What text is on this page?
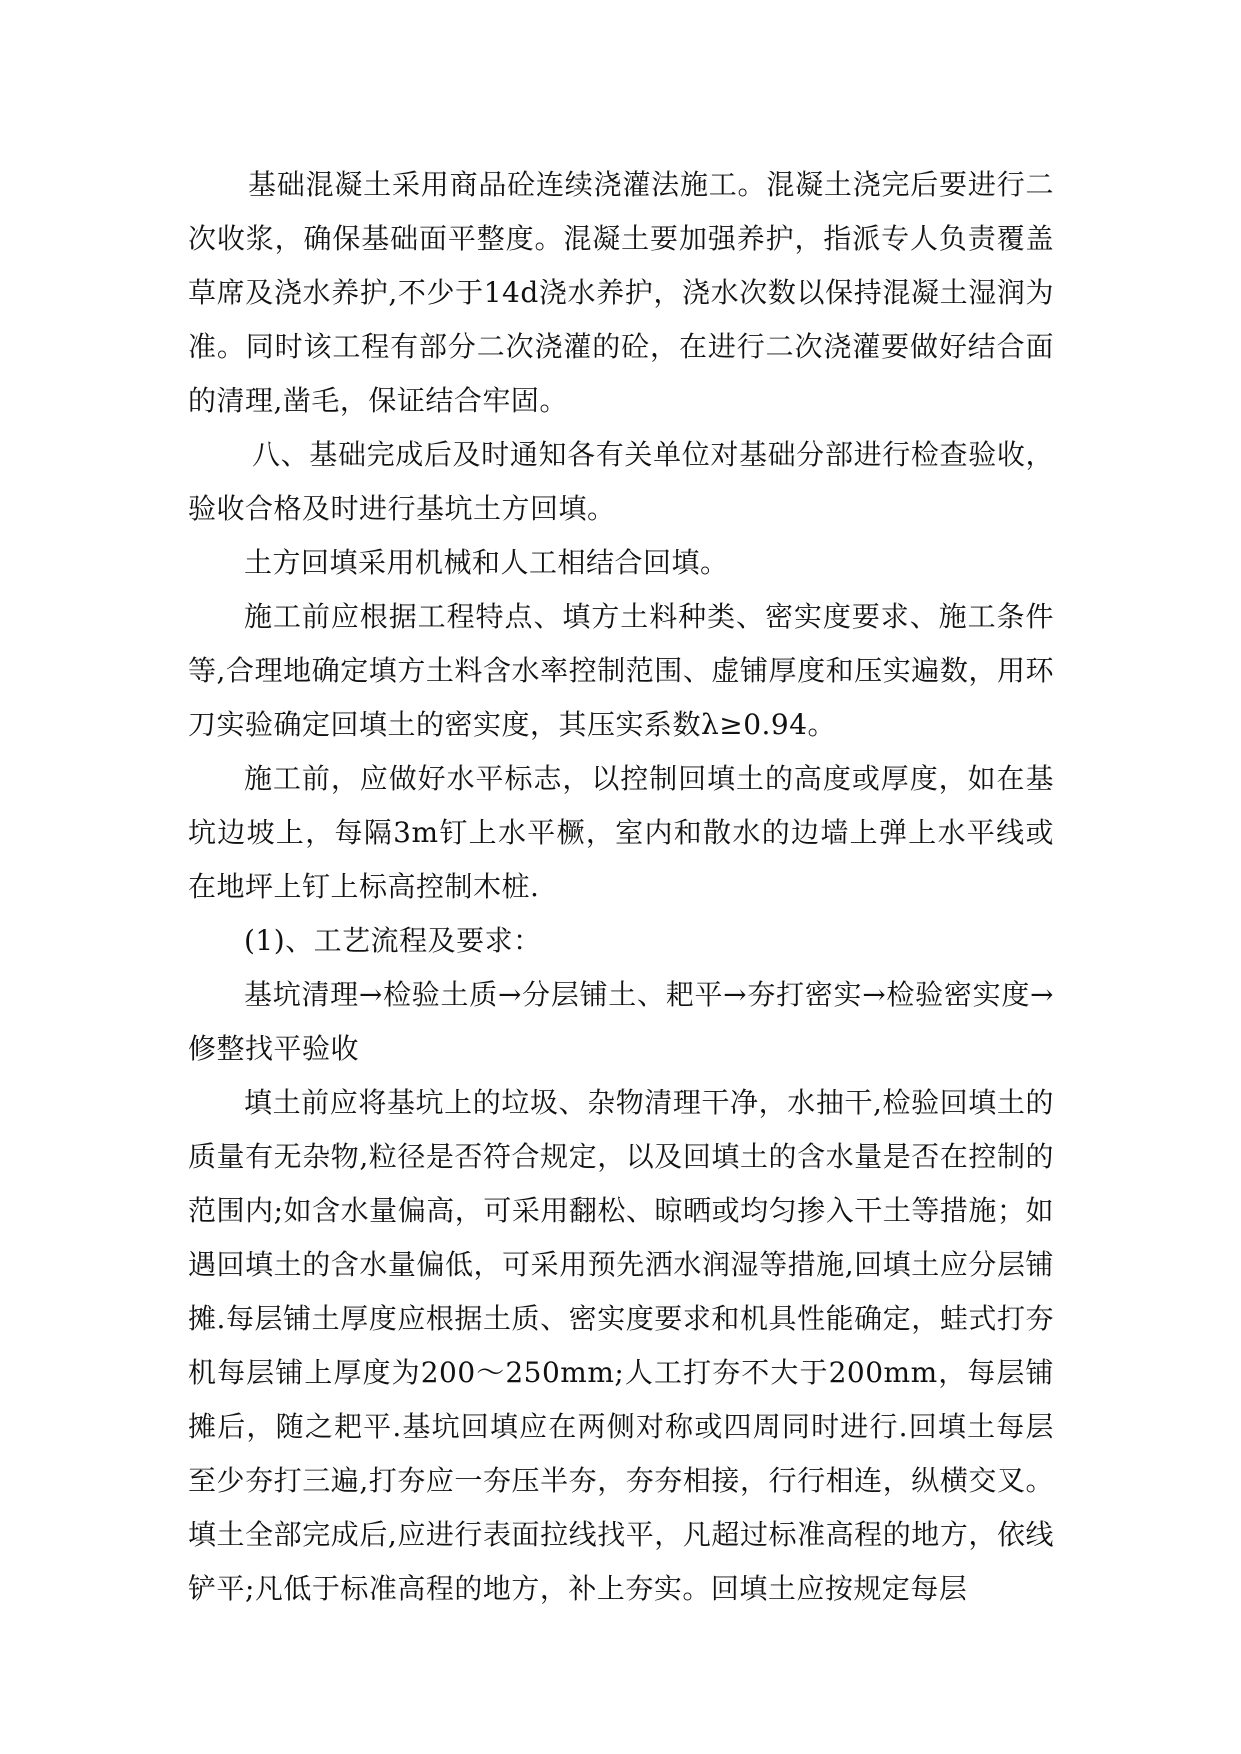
基础混凝土采用商品砼连续浇灌法施工。混凝土浇完后要进行二次收浆，确保基础面平整度。混凝土要加强养护，指派专人负责覆盖草席及浇水养护,不少于14d浇水养护，浇水次数以保持混凝土湿润为准。同时该工程有部分二次浇灌的砼，在进行二次浇灌要做好结合面的清理,凿毛，保证结合牢固。

八、基础完成后及时通知各有关单位对基础分部进行检查验收，验收合格及时进行基坑土方回填。

土方回填采用机械和人工相结合回填。

施工前应根据工程特点、填方土料种类、密实度要求、施工条件等,合理地确定填方土料含水率控制范围、虚铺厚度和压实遍数，用环刀实验确定回填土的密实度，其压实系数λ≥0.94。

施工前，应做好水平标志，以控制回填土的高度或厚度，如在基坑边坡上，每隔3m钉上水平橛，室内和散水的边墙上弹上水平线或在地坪上钉上标高控制木桩.

(1)、工艺流程及要求：

基坑清理→检验土质→分层铺土、耙平→夯打密实→检验密实度→修整找平验收

填土前应将基坑上的垃圾、杂物清理干净，水抽干,检验回填土的质量有无杂物,粒径是否符合规定，以及回填土的含水量是否在控制的范围内;如含水量偏高，可采用翻松、晾晒或均匀掺入干土等措施；如遇回填土的含水量偏低，可采用预先洒水润湿等措施,回填土应分层铺摊.每层铺土厚度应根据土质、密实度要求和机具性能确定，蛙式打夯机每层铺上厚度为200～250mm;人工打夯不大于200mm，每层铺摊后，随之耙平.基坑回填应在两侧对称或四周同时进行.回填土每层至少夯打三遍,打夯应一夯压半夯，夯夯相接，行行相连，纵横交叉。填土全部完成后,应进行表面拉线找平，凡超过标准高程的地方，依线铲平;凡低于标准高程的地方，补上夯实。回填土应按规定每层
